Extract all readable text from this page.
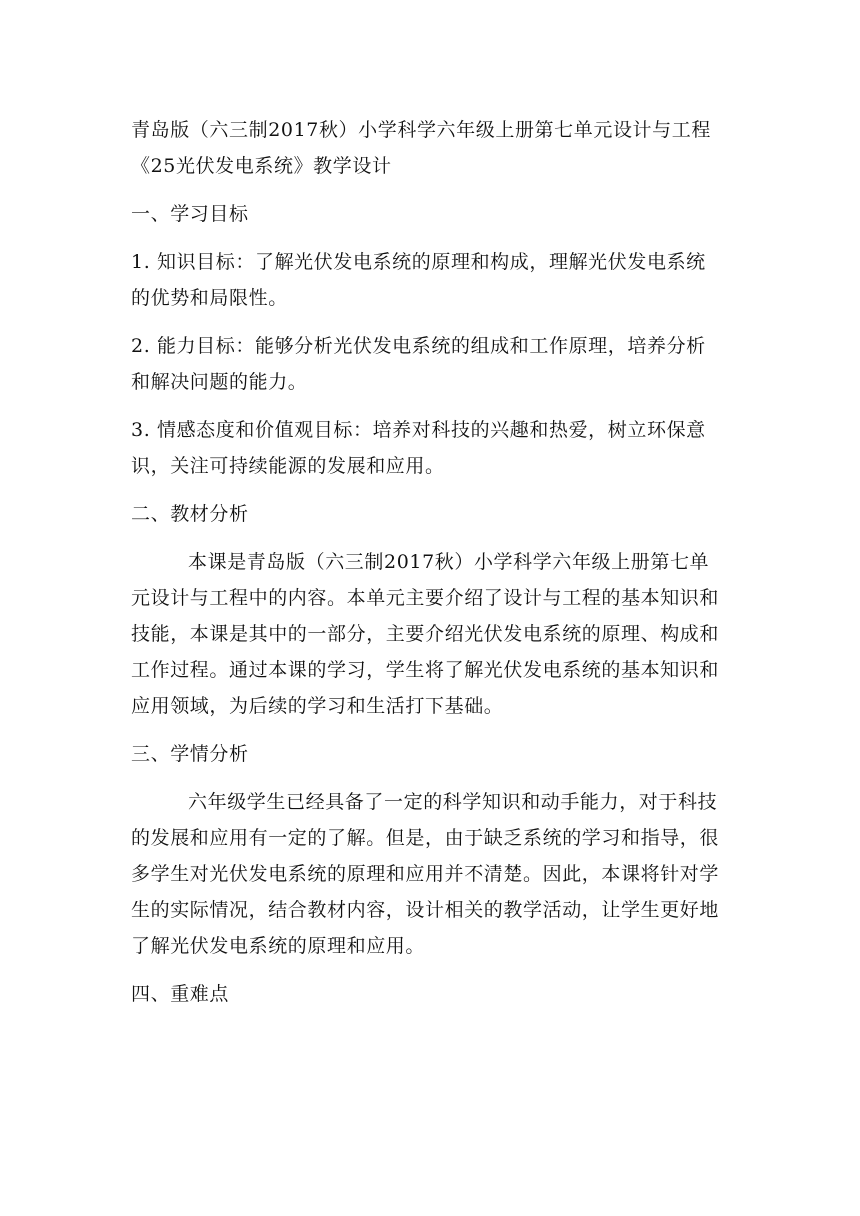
青岛版（六三制2017秋）小学科学六年级上册第七单元设计与工程
《25光伏发电系统》教学设计
一、学习目标
1. 知识目标：了解光伏发电系统的原理和构成，理解光伏发电系统
的优势和局限性。
2. 能力目标：能够分析光伏发电系统的组成和工作原理，培养分析
和解决问题的能力。
3. 情感态度和价值观目标：培养对科技的兴趣和热爱，树立环保意
识，关注可持续能源的发展和应用。
二、教材分析
本课是青岛版（六三制2017秋）小学科学六年级上册第七单
元设计与工程中的内容。本单元主要介绍了设计与工程的基本知识和
技能，本课是其中的一部分，主要介绍光伏发电系统的原理、构成和
工作过程。通过本课的学习，学生将了解光伏发电系统的基本知识和
应用领域，为后续的学习和生活打下基础。
三、学情分析
六年级学生已经具备了一定的科学知识和动手能力，对于科技
的发展和应用有一定的了解。但是，由于缺乏系统的学习和指导，很
多学生对光伏发电系统的原理和应用并不清楚。因此，本课将针对学
生的实际情况，结合教材内容，设计相关的教学活动，让学生更好地
了解光伏发电系统的原理和应用。
四、重难点
